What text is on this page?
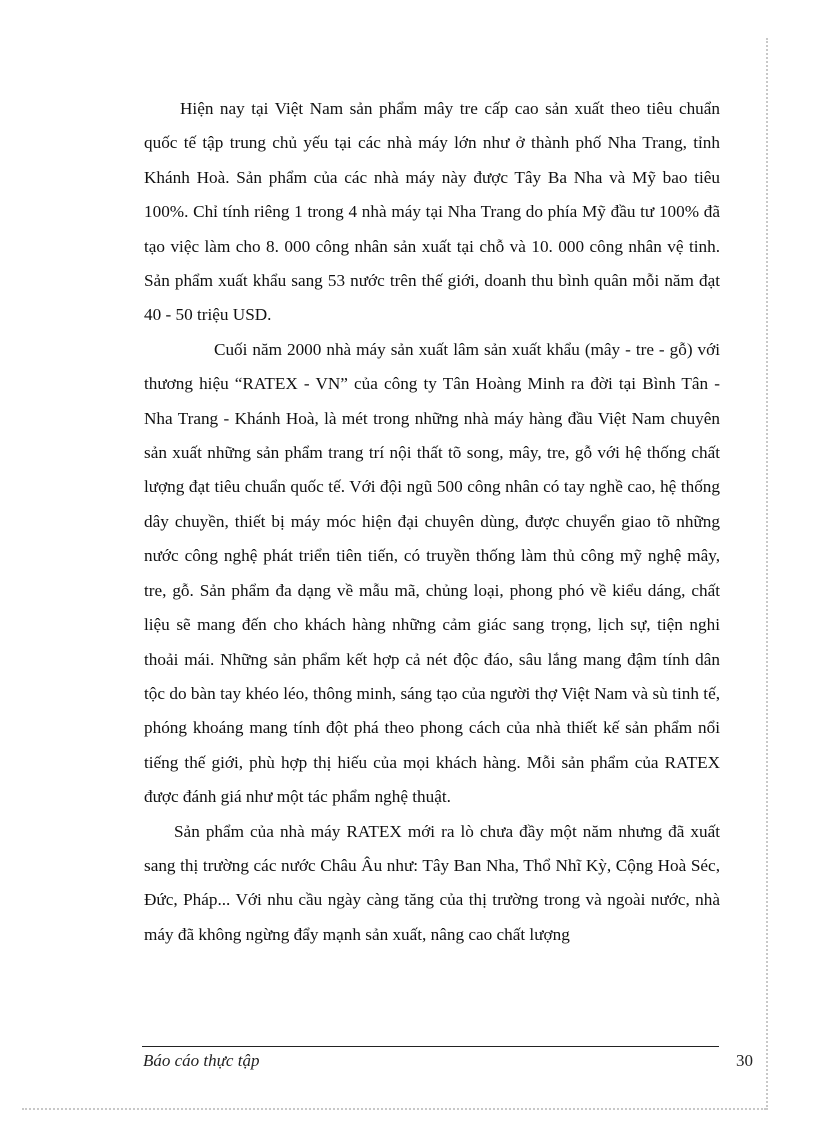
Hiện nay tại Việt Nam sản phẩm mây tre cấp cao sản xuất theo tiêu chuẩn quốc tế tập trung chủ yếu tại các nhà máy lớn như ở thành phố Nha Trang, tỉnh Khánh Hoà. Sản phẩm của các nhà máy này được Tây Ba Nha và Mỹ bao tiêu 100%. Chỉ tính riêng 1 trong 4 nhà máy tại Nha Trang do phía Mỹ đầu tư 100% đã tạo việc làm cho 8. 000 công nhân sản xuất tại chỗ và 10. 000 công nhân vệ tinh. Sản phẩm xuất khẩu sang 53 nước trên thế giới, doanh thu bình quân mỗi năm đạt 40 - 50 triệu USD.

Cuối năm 2000 nhà máy sản xuất lâm sản xuất khẩu (mây - tre - gỗ) với thương hiệu “RATEX - VN” của công ty Tân Hoàng Minh ra đời tại Bình Tân - Nha Trang - Khánh Hoà, là mét trong những nhà máy hàng đầu Việt Nam chuyên sản xuất những sản phẩm trang trí nội thất tõ song, mây, tre, gỗ với hệ thống chất lượng đạt tiêu chuẩn quốc tế. Với đội ngũ 500 công nhân có tay nghề cao, hệ thống dây chuyền, thiết bị máy móc hiện đại chuyên dùng, được chuyển giao tõ những nước công nghệ phát triển tiên tiến, có truyền thống làm thủ công mỹ nghệ mây, tre, gỗ. Sản phẩm đa dạng về mẫu mã, chủng loại, phong phó về kiểu dáng, chất liệu sẽ mang đến cho khách hàng những cảm giác sang trọng, lịch sự, tiện nghi thoải mái. Những sản phẩm kết hợp cả nét độc đáo, sâu lắng mang đậm tính dân tộc do bàn tay khéo léo, thông minh, sáng tạo của người thợ Việt Nam và sù tinh tế, phóng khoáng mang tính đột phá theo phong cách của nhà thiết kế sản phẩm nổi tiếng thế giới, phù hợp thị hiếu của mọi khách hàng. Mỗi sản phẩm của RATEX được đánh giá như một tác phẩm nghệ thuật.

Sản phẩm của nhà máy RATEX mới ra lò chưa đầy một năm nhưng đã xuất sang thị trường các nước Châu Âu như: Tây Ban Nha, Thổ Nhĩ Kỳ, Cộng Hoà Séc, Đức, Pháp... Với nhu cầu ngày càng tăng của thị trường trong và ngoài nước, nhà máy đã không ngừng đẩy mạnh sản xuất, nâng cao chất lượng

Báo cáo thực tập	30
